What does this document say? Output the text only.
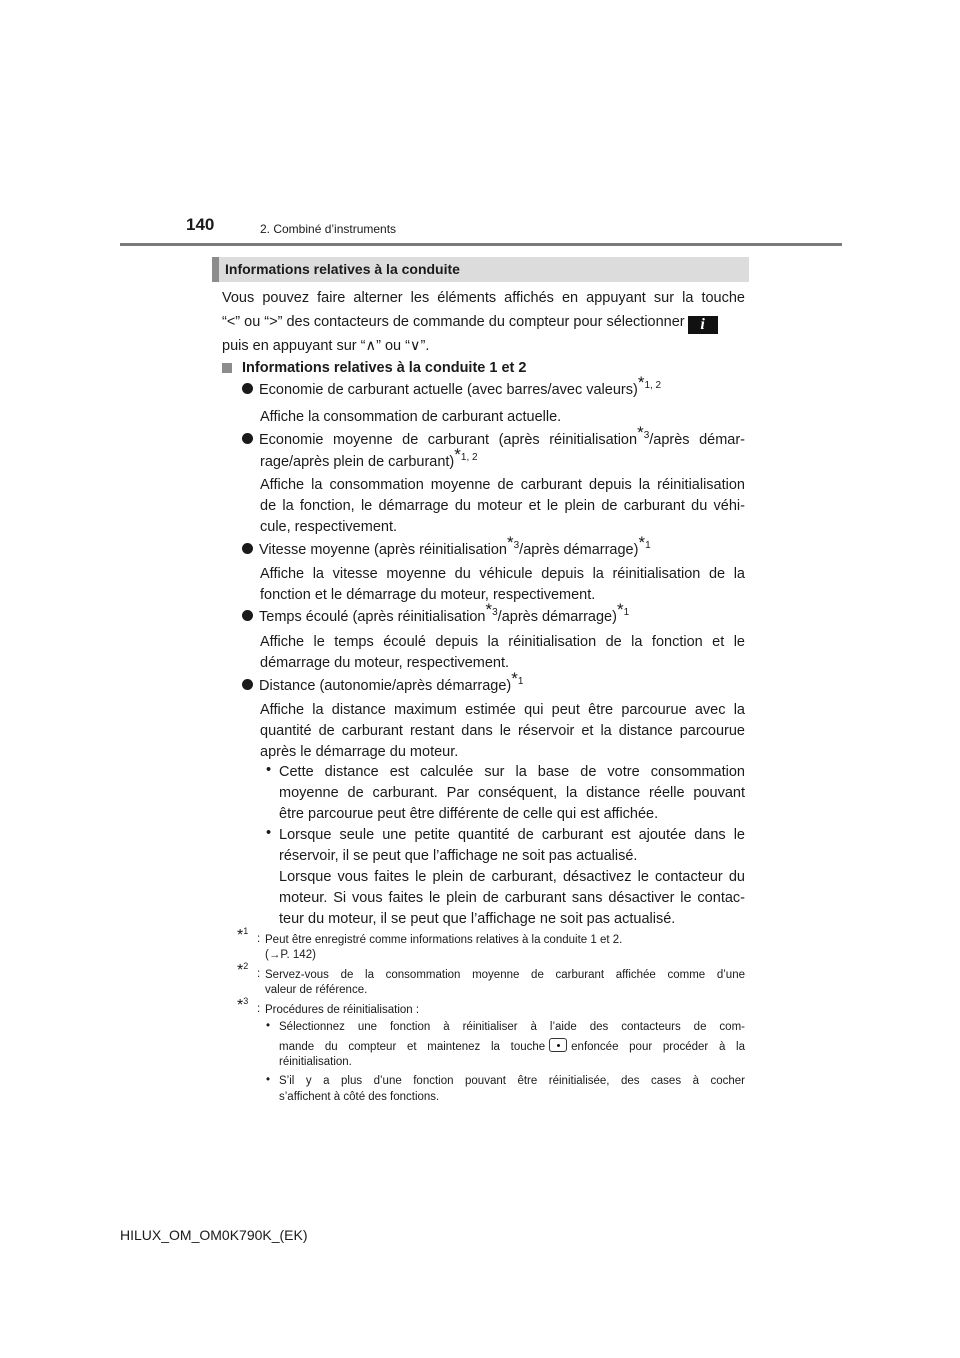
140	2. Combiné d’instruments
Informations relatives à la conduite
Vous pouvez faire alterner les éléments affichés en appuyant sur la touche
“<” ou “>” des contacteurs de commande du compteur pour sélectionner i
puis en appuyant sur “∧” ou “∨”.
Informations relatives à la conduite 1 et 2
Economie de carburant actuelle (avec barres/avec valeurs)$^{*1, 2}$
Affiche la consommation de carburant actuelle.
Economie moyenne de carburant (après réinitialisation$^{*3}$/après démar-
rage/après plein de carburant)$^{*1, 2}$
Affiche la consommation moyenne de carburant depuis la réinitialisation
de la fonction, le démarrage du moteur et le plein de carburant du véhi-
cule, respectivement.
Vitesse moyenne (après réinitialisation$^{*3}$/après démarrage)$^{*1}$
Affiche la vitesse moyenne du véhicule depuis la réinitialisation de la
fonction et le démarrage du moteur, respectivement.
Temps écoulé (après réinitialisation$^{*3}$/après démarrage)$^{*1}$
Affiche le temps écoulé depuis la réinitialisation de la fonction et le
démarrage du moteur, respectivement.
Distance (autonomie/après démarrage)$^{*1}$
Affiche la distance maximum estimée qui peut être parcourue avec la
quantité de carburant restant dans le réservoir et la distance parcourue
après le démarrage du moteur.
• Cette distance est calculée sur la base de votre consommation
moyenne de carburant. Par conséquent, la distance réelle pouvant
être parcourue peut être différente de celle qui est affichée.
• Lorsque seule une petite quantité de carburant est ajoutée dans le
réservoir, il se peut que l’affichage ne soit pas actualisé.
Lorsque vous faites le plein de carburant, désactivez le contacteur du
moteur. Si vous faites le plein de carburant sans désactiver le contac-
teur du moteur, il se peut que l’affichage ne soit pas actualisé.
*$^1$
: Peut être enregistré comme informations relatives à la conduite 1 et 2.
(→P. 142)
*$^2$
: Servez-vous de la consommation moyenne de carburant affichée comme d’une
valeur de référence.
*$^3$
: Procédures de réinitialisation :
• Sélectionnez une fonction à réinitialiser à l’aide des contacteurs de com-
mande du compteur et maintenez la touche enfoncée pour procéder à la
réinitialisation.
• S’il y a plus d’une fonction pouvant être réinitialisée, des cases à cocher
s’affichent à côté des fonctions.
HILUX_OM_OM0K790K_(EK)
